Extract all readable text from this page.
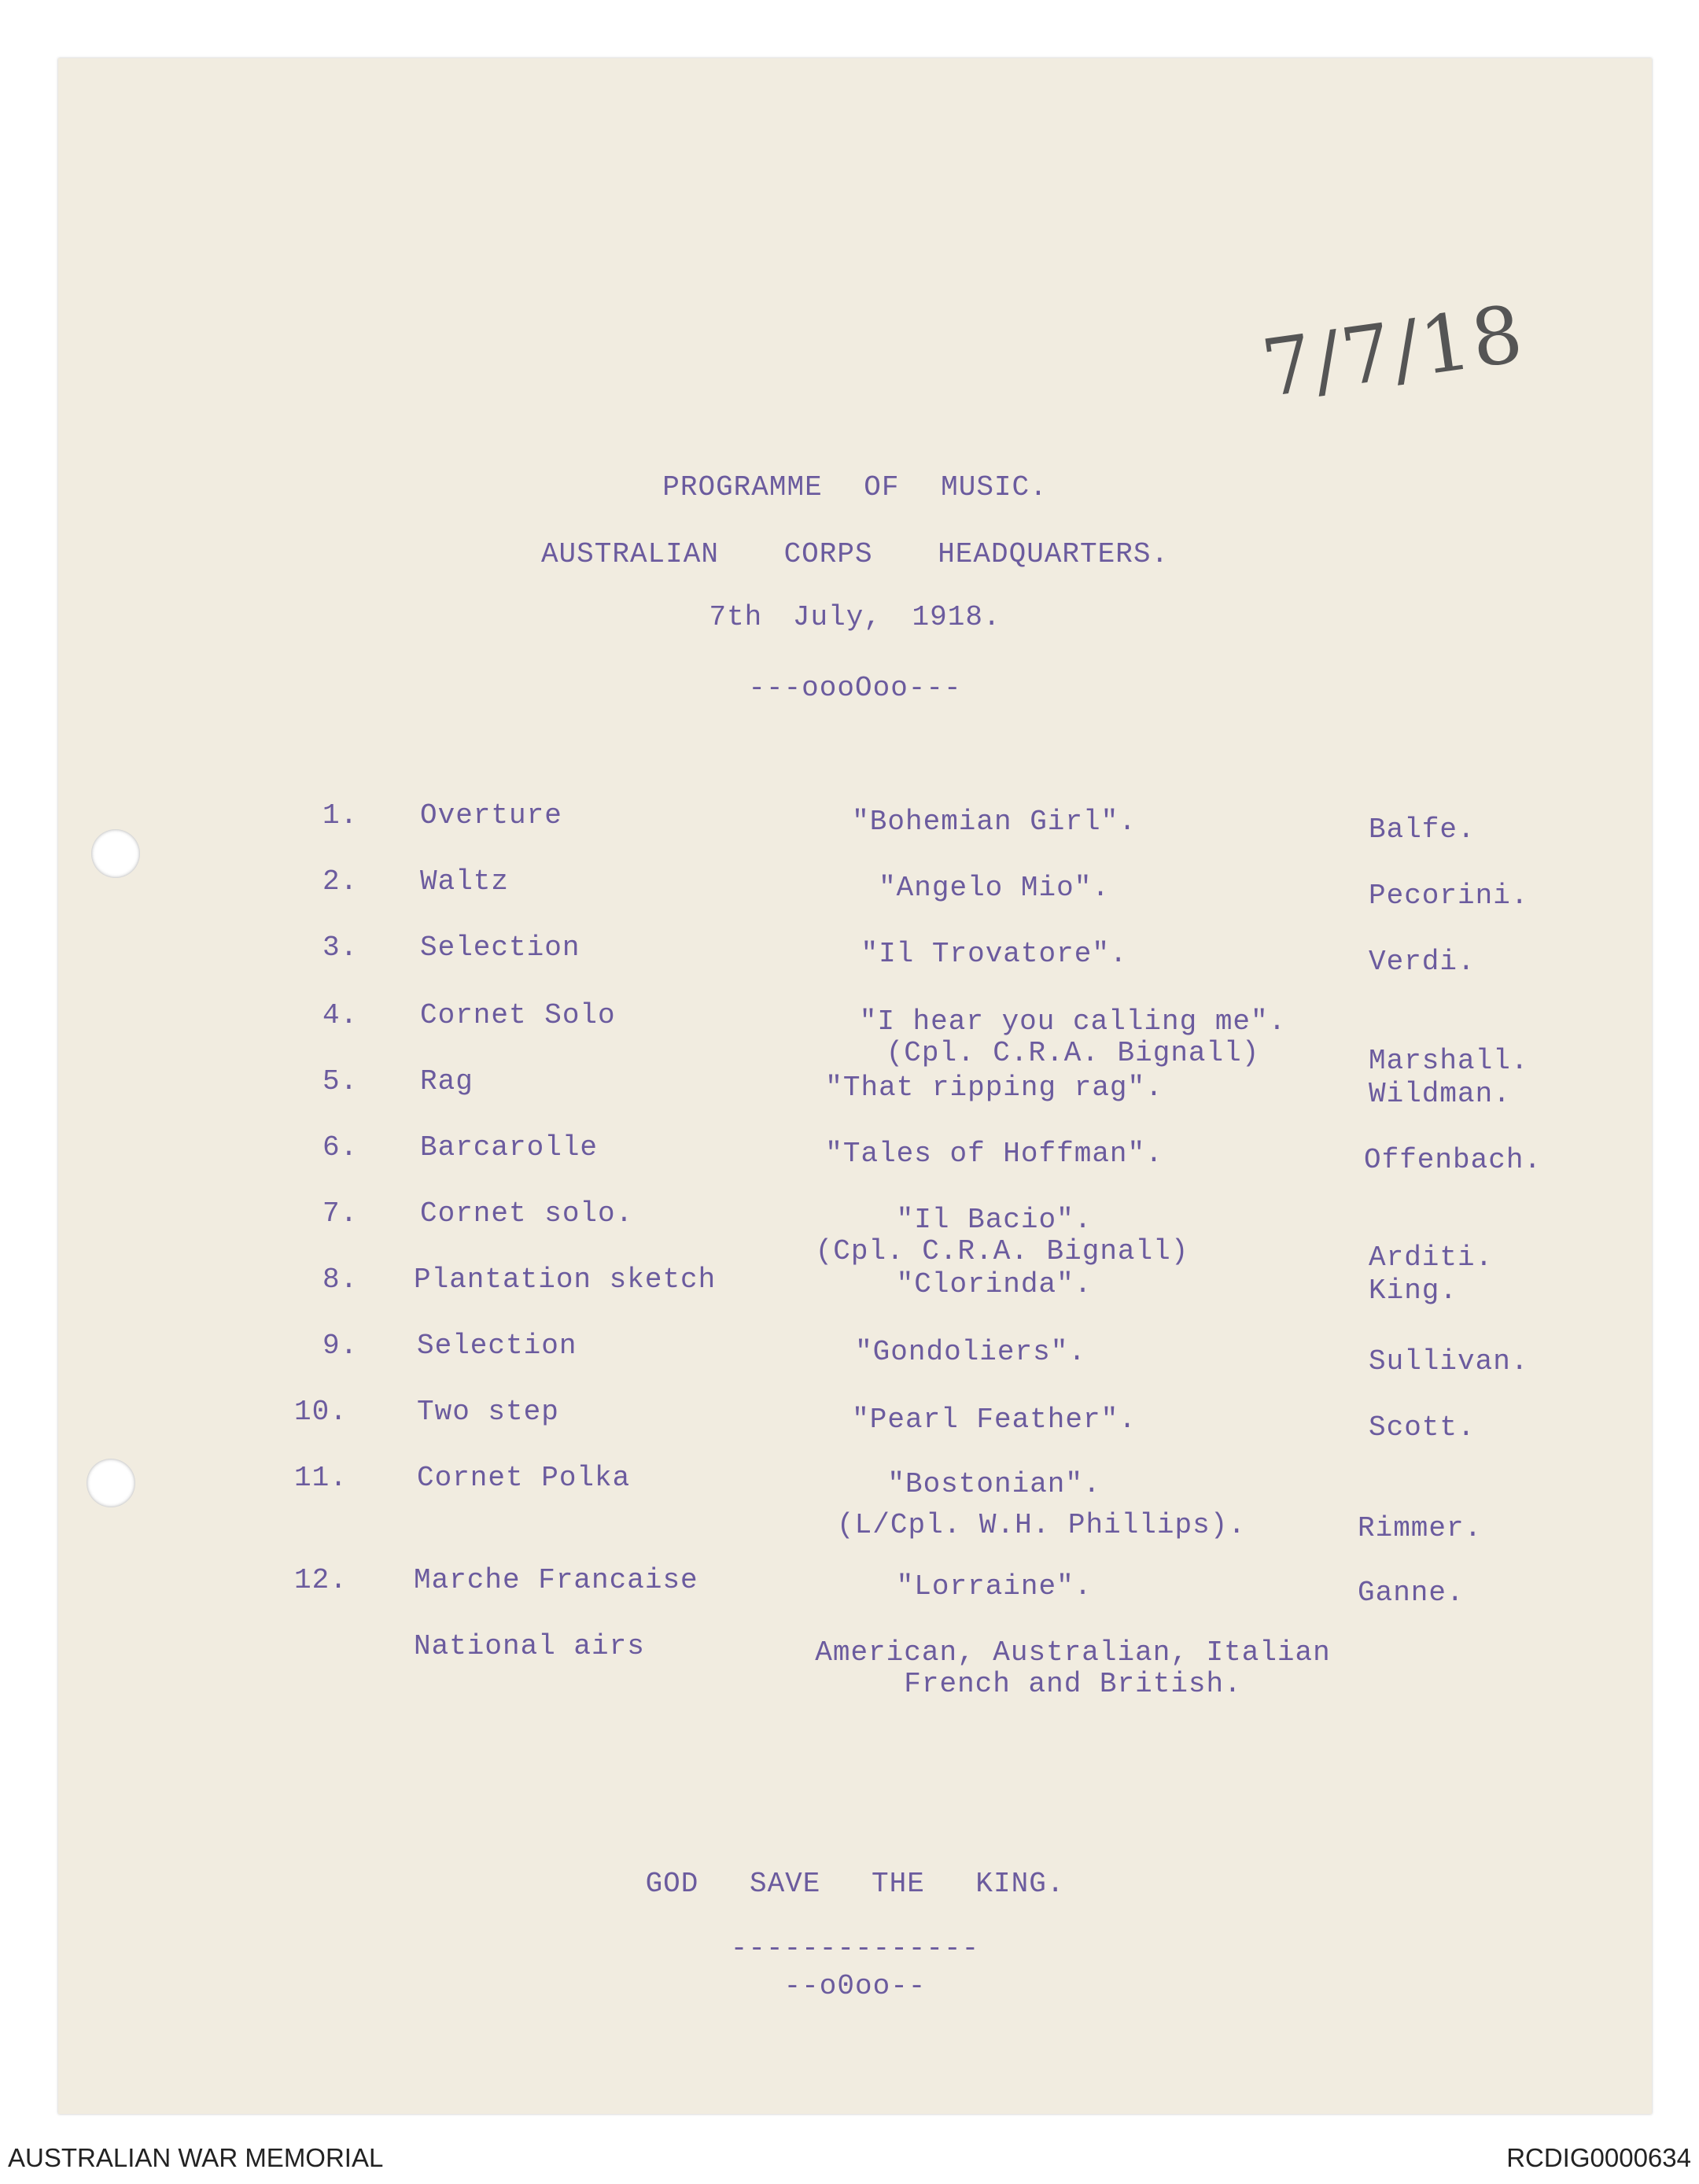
7/7/18
PROGRAMME OF MUSIC.
AUSTRALIAN CORPS HEADQUARTERS.
7th July, 1918.
---oooOoo---
1. Overture	"Bohemian Girl".	Balfe.
2. Waltz	"Angelo Mio".	Pecorini.
3. Selection	"Il Trovatore".	Verdi.
4. Cornet Solo	"I hear you calling me".
(Cpl. C.R.A. Bignall)	Marshall.
5. Rag	"That ripping rag".	Wildman.
6. Barcarolle	"Tales of Hoffman".	Offenbach.
7. Cornet solo.	"Il Bacio".
(Cpl. C.R.A. Bignall)	Arditi.
8. Plantation sketch	"Clorinda".	King.
9. Selection	"Gondoliers".	Sullivan.
10. Two step	"Pearl Feather".	Scott.
11. Cornet Polka	"Bostonian".
(L/Cpl. W.H. Phillips).	Rimmer.
12. Marche Francaise	"Lorraine".	Ganne.
National airs	American, Australian, Italian
French and British.
GOD SAVE THE KING.
--------------
--o0oo--
AUSTRALIAN WAR MEMORIAL	RCDIG0000634
